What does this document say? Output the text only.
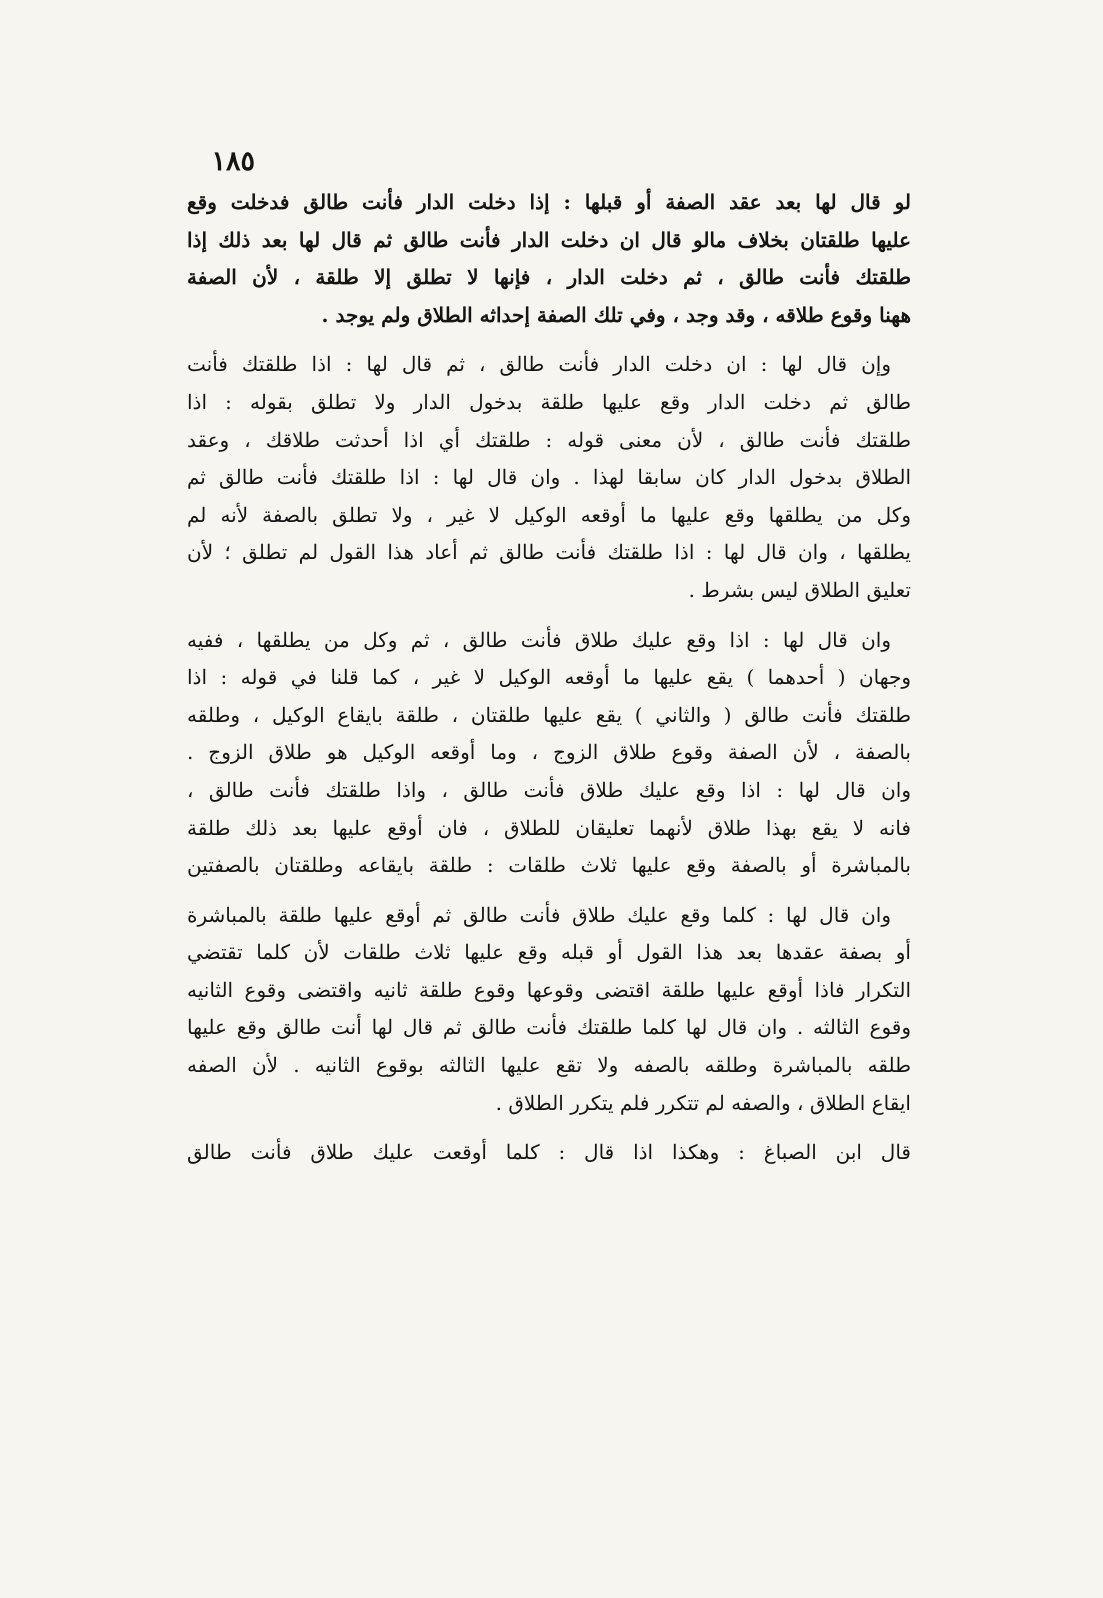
١٨٥
لو قال لها بعد عقد الصفة أو قبلها : إذا دخلت الدار فأنت طالق فدخلت وقع
عليها طلقتان بخلاف مالو قال ان دخلت الدار فأنت طالق ثم قال لها بعد ذلك إذا
طلقتك فأنت طالق ، ثم دخلت الدار ، فإنها لا تطلق إلا طلقة ، لأن الصفة
ههنا وقوع طلاقه ، وقد وجد ، وفي تلك الصفة إحداثه الطلاق ولم يوجد .
وإن قال لها : ان دخلت الدار فأنت طالق ، ثم قال لها : اذا طلقتك فأنت
طالق ثم دخلت الدار وقع عليها طلقة بدخول الدار ولا تطلق بقوله : اذا
طلقتك فأنت طالق ، لأن معنى قوله : طلقتك أي اذا أحدثت طلاقك ، وعقد
الطلاق بدخول الدار كان سابقا لهذا . وان قال لها : اذا طلقتك فأنت طالق ثم
وكل من يطلقها وقع عليها ما أوقعه الوكيل لا غير ، ولا تطلق بالصفة لأنه لم
يطلقها ، وان قال لها : اذا طلقتك فأنت طالق ثم أعاد هذا القول لم تطلق ؛ لأن
تعليق الطلاق ليس بشرط .
وان قال لها : اذا وقع عليك طلاق فأنت طالق ، ثم وكل من يطلقها ، ففيه
وجهان ( أحدهما ) يقع عليها ما أوقعه الوكيل لا غير ، كما قلنا في قوله : اذا
طلقتك فأنت طالق ( والثاني ) يقع عليها طلقتان ، طلقة بايقاع الوكيل ، وطلقه
بالصفة ، لأن الصفة وقوع طلاق الزوج ، وما أوقعه الوكيل هو طلاق الزوج .
وان قال لها : اذا وقع عليك طلاق فأنت طالق ، واذا طلقتك فأنت طالق ،
فانه لا يقع بهذا طلاق لأنهما تعليقان للطلاق ، فان أوقع عليها بعد ذلك طلقة
بالمباشرة أو بالصفة وقع عليها ثلاث طلقات : طلقة بايقاعه وطلقتان بالصفتين
وان قال لها : كلما وقع عليك طلاق فأنت طالق ثم أوقع عليها طلقة بالمباشرة
أو بصفة عقدها بعد هذا القول أو قبله وقع عليها ثلاث طلقات لأن كلما تقتضي
التكرار فاذا أوقع عليها طلقة اقتضى وقوعها وقوع طلقة ثانيه واقتضى وقوع الثانيه
وقوع الثالثه . وان قال لها كلما طلقتك فأنت طالق ثم قال لها أنت طالق وقع عليها
طلقه بالمباشرة وطلقه بالصفه ولا تقع عليها الثالثه بوقوع الثانيه . لأن الصفه
ايقاع الطلاق ، والصفه لم تتكرر فلم يتكرر الطلاق .
قال ابن الصباغ : وهكذا اذا قال : كلما أوقعت عليك طلاق فأنت طالق
